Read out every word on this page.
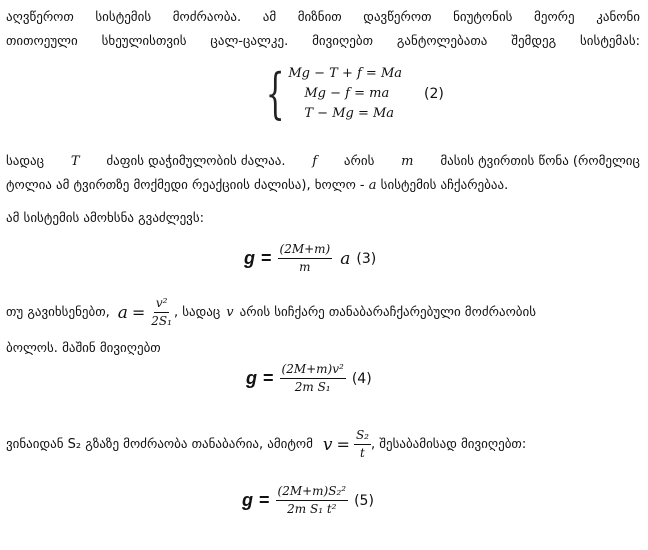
აღვწეროთ სისტემის მოძრაობა. ამ მიზნით დავწეროთ ნიუტონის მეორე კანონი
თითოეული სხეულისთვის ცალ-ცალკე. მივიღებთ განტოლებათა შემდეგ სისტემას:
{ Mg − T + f = Ma
Mg − f = ma
T − Mg = Ma
(2)
სადაც T ძაფის დაჭიმულობის ძალაა. f არის m მასის ტვირთის წონა (რომელიც
ტოლია ამ ტვირთზე მოქმედი რეაქციის ძალისა), ხოლო - a სისტემის აჩქარებაა.
ამ სისტემის ამოხსნა გვაძლევს:
$g = \frac{(2M+m)}{m}$ a (3)
თუ გავიხსენებთ, $a = \frac{\text{v²}}{\text{2S₁}}$ , სადაც v არის სიჩქარე თანაბარაჩქარებული მოძრაობის
ბოლოს. მაშინ მივიღებთ
$g = \frac{\text{(2M+m)v²}}{\text{2m S₁}} (4)$
ვინაიდან S₂ გზაზე მოძრაობა თანაბარია, ამიტომ $v = \frac{\text{S₂}}{t}$ , შესაბამისად მივიღებთ:
$g = \frac{\text{(2M+m)S₂²}}{\text{2m S₁ t²}} (5)$
